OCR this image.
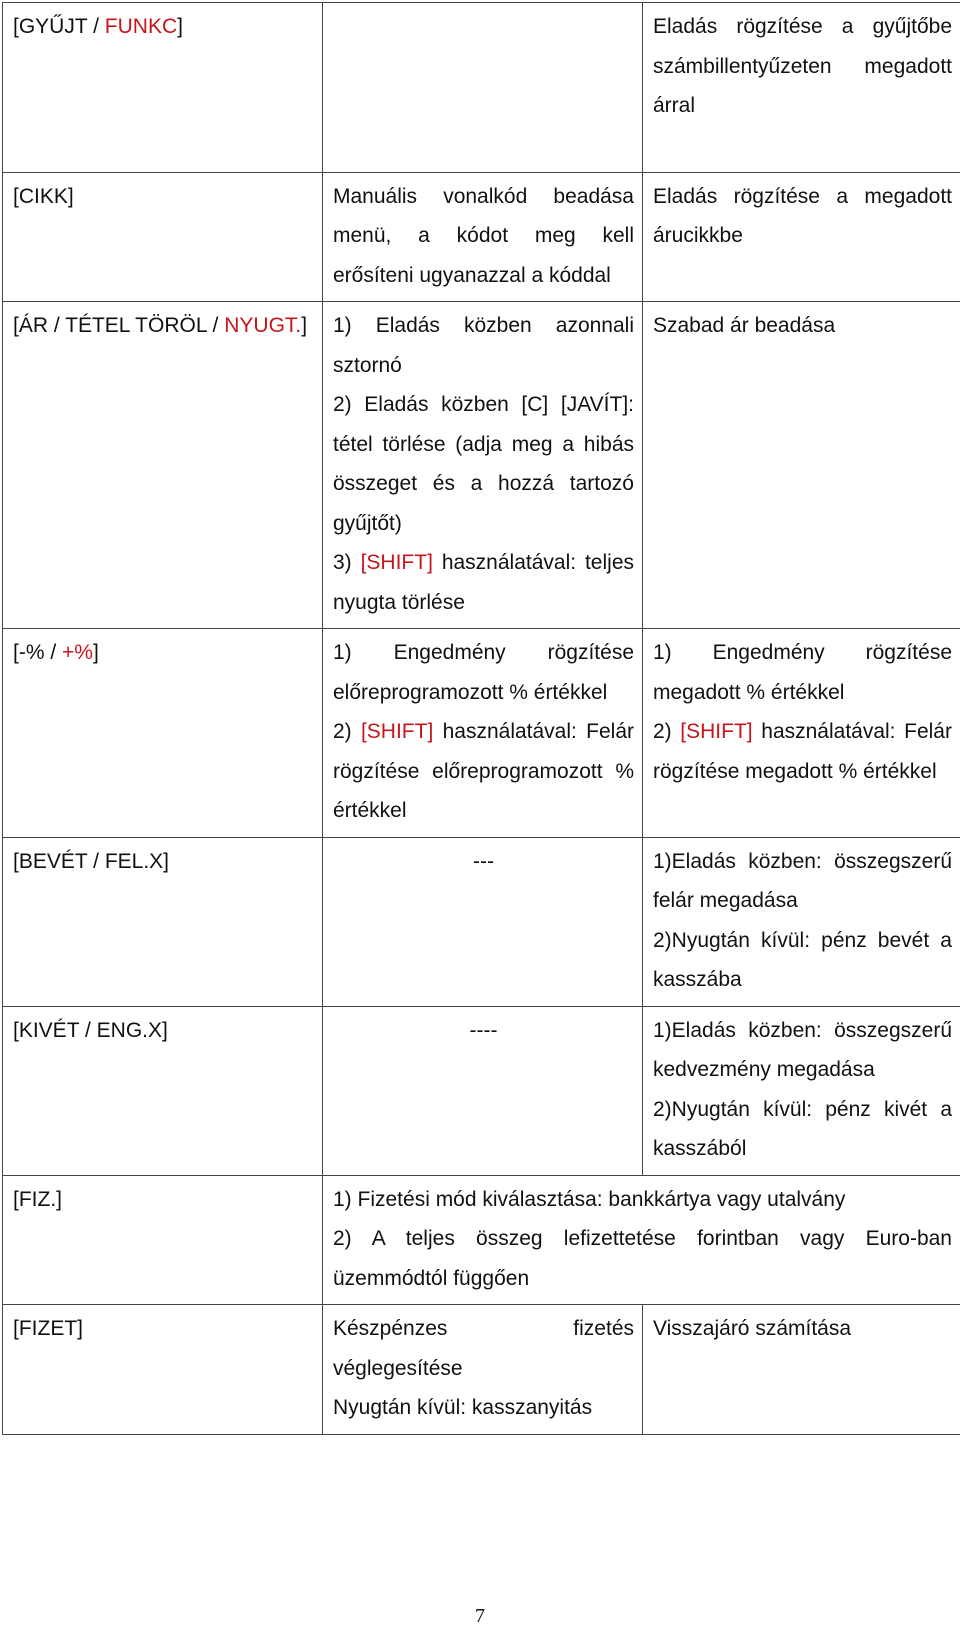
[GYŰJT / FUNKC]		Eladás rögzítése a gyűjtőbe számbillentyűzeten megadott árral

[CIKK]	Manuális vonalkód beadása menü, a kódot meg kell erősíteni ugyanazzal a kóddal	Eladás rögzítése a megadott árucikkbe

[ÁR / TÉTEL TÖRÖL / NYUGT.]	1) Eladás közben azonnali sztornó
2) Eladás közben [C] [JAVÍT]: tétel törlése (adja meg a hibás összeget és a hozzá tartozó gyűjtőt)
3) [SHIFT] használatával: teljes nyugta törlése	Szabad ár beadása

[-% / +%]	1) Engedmény rögzítése előreprogramozott % értékkel
2) [SHIFT] használatával: Felár rögzítése előreprogramozott % értékkel	1) Engedmény rögzítése megadott % értékkel
2) [SHIFT] használatával: Felár rögzítése megadott % értékkel

[BEVÉT / FEL.X]	---	1)Eladás közben: összegszerű felár megadása
2)Nyugtán kívül: pénz bevét a kasszába

[KIVÉT / ENG.X]	----	1)Eladás közben: összegszerű kedvezmény megadása
2)Nyugtán kívül: pénz kivét a kasszából

[FIZ.]	1) Fizetési mód kiválasztása: bankkártya vagy utalvány
2) A teljes összeg lefizettetése forintban vagy Euro-ban üzemmódtól függően	

[FIZET]	Készpénzes fizetés véglegesítése
Nyugtán kívül: kasszanyitás	Visszajáró számítása
7
